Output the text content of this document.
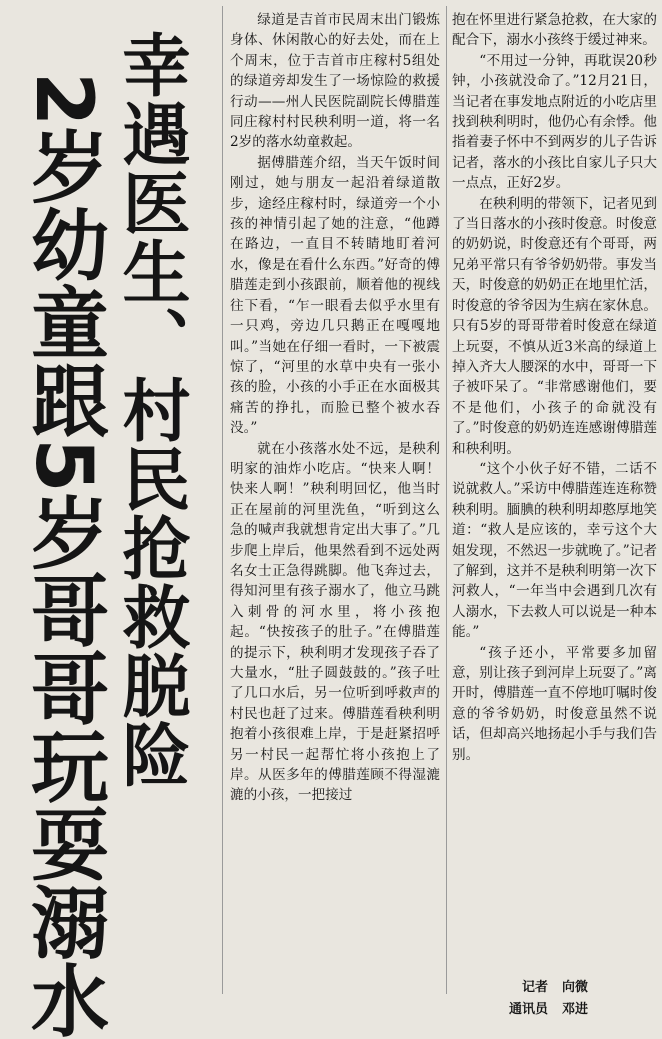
幸遇医生、村民抢救脱险
2岁幼童跟5岁哥哥玩耍溺水

绿道是吉首市民周末出门锻炼身体、休闲散心的好去处，而在上个周末，位于吉首市庄稼村5组处的绿道旁却发生了一场惊险的救援行动——州人民医院副院长傅腊莲同庄稼村村民秧利明一道，将一名2岁的落水幼童救起。

据傅腊莲介绍，当天午饭时间刚过，她与朋友一起沿着绿道散步，途经庄稼村时，绿道旁一个小孩的神情引起了她的注意，“他蹲在路边，一直目不转睛地盯着河水，像是在看什么东西。”好奇的傅腊莲走到小孩跟前，顺着他的视线往下看，“乍一眼看去似乎水里有一只鸡，旁边几只鹅正在嘎嘎地叫。”当她在仔细一看时，一下被震惊了，“河里的水草中央有一张小孩的脸，小孩的小手正在水面极其痛苦的挣扎，而脸已整个被水吞没。”

就在小孩落水处不远，是秧利明家的油炸小吃店。“快来人啊！快来人啊！”秧利明回忆，他当时正在屋前的河里洗鱼，“听到这么急的喊声我就想肯定出大事了。”几步爬上岸后，他果然看到不远处两名女士正急得跳脚。他飞奔过去，得知河里有孩子溺水了，他立马跳入刺骨的河水里，将小孩抱起。“快按孩子的肚子。”在傅腊莲的提示下，秧利明才发现孩子吞了大量水，“肚子圆鼓鼓的。”孩子吐了几口水后，另一位听到呼救声的村民也赶了过来。傅腊莲看秧利明抱着小孩很难上岸，于是赶紧招呼另一村民一起帮忙将小孩抱上了岸。从医多年的傅腊莲顾不得湿漉漉的小孩，一把接过

抱在怀里进行紧急抢救，在大家的配合下，溺水小孩终于缓过神来。

“不用过一分钟，再耽误20秒钟，小孩就没命了。”12月21日，当记者在事发地点附近的小吃店里找到秧利明时，他仍心有余悸。他指着妻子怀中不到两岁的儿子告诉记者，落水的小孩比自家儿子只大一点点，正好2岁。

在秧利明的带领下，记者见到了当日落水的小孩时俊意。时俊意的奶奶说，时俊意还有个哥哥，两兄弟平常只有爷爷奶奶带。事发当天，时俊意的奶奶正在地里忙活，时俊意的爷爷因为生病在家休息。只有5岁的哥哥带着时俊意在绿道上玩耍，不慎从近3米高的绿道上掉入齐大人腰深的水中，哥哥一下子被吓呆了。“非常感谢他们，要不是他们，小孩子的命就没有了。”时俊意的奶奶连连感谢傅腊莲和秧利明。

“这个小伙子好不错，二话不说就救人。”采访中傅腊莲连连称赞秧利明。腼腆的秧利明却憨厚地笑道：“救人是应该的，幸亏这个大姐发现，不然迟一步就晚了。”记者了解到，这并不是秧利明第一次下河救人，“一年当中会遇到几次有人溺水，下去救人可以说是一种本能。”

“孩子还小，平常要多加留意，别让孩子到河岸上玩耍了。”离开时，傅腊莲一直不停地叮嘱时俊意的爷爷奶奶，时俊意虽然不说话，但却高兴地扬起小手与我们告别。

记者 向微
通讯员 邓进
